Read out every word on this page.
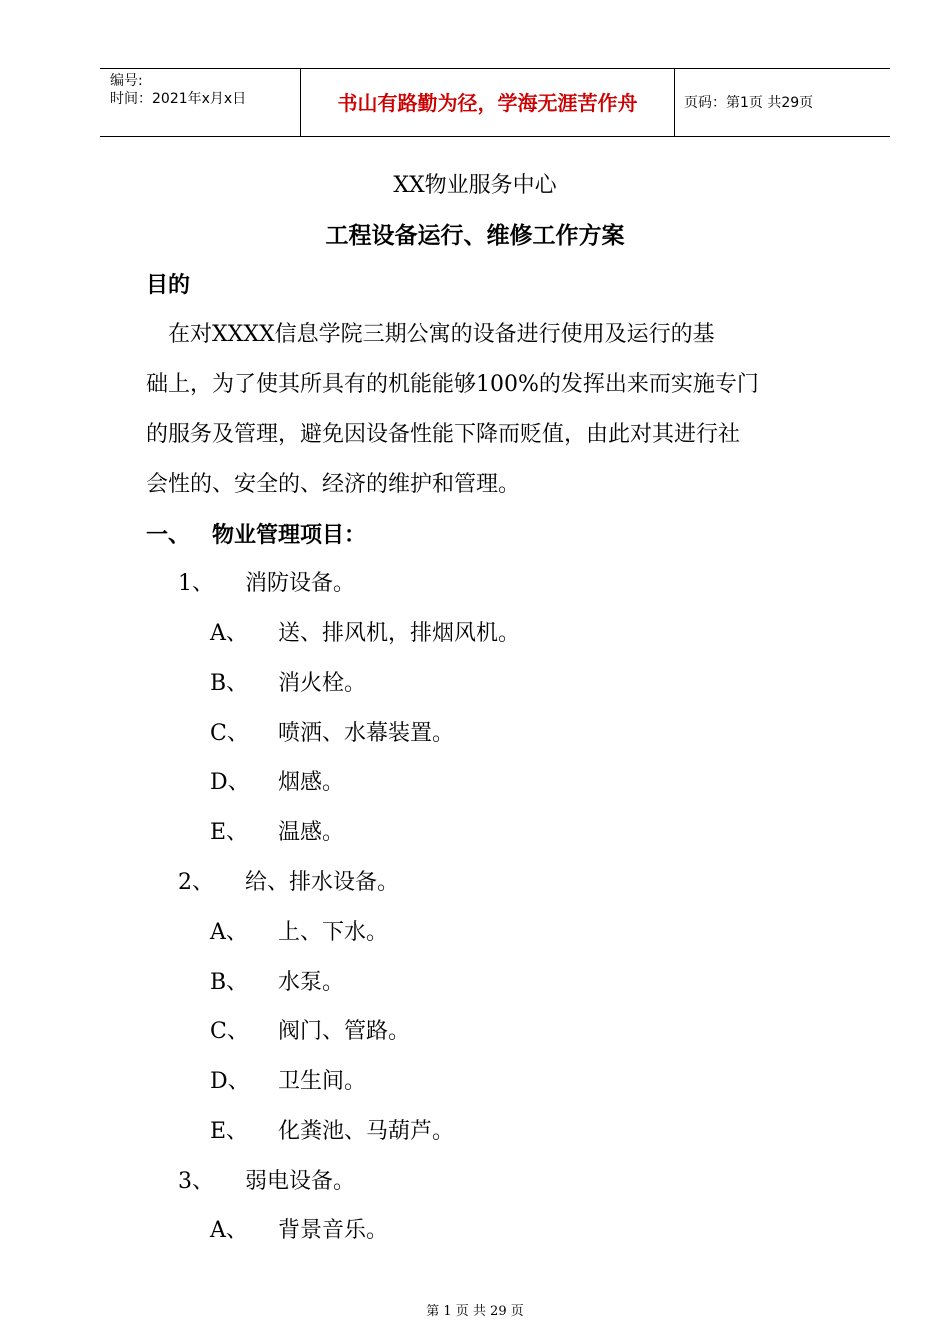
编号:
时间：2021年x月x日	书山有路勤为径，学海无涯苦作舟	页码：第1页 共29页
XX物业服务中心
工程设备运行、维修工作方案
目的
　在对XXXX信息学院三期公寓的设备进行使用及运行的基
础上，为了使其所具有的机能能够100%的发挥出来而实施专门
的服务及管理，避免因设备性能下降而贬值，由此对其进行社
会性的、安全的、经济的维护和管理。
一、 物业管理项目：
1、 消防设备。
A、 送、排风机，排烟风机。
B、 消火栓。
C、 喷洒、水幕装置。
D、 烟感。
E、 温感。
2、 给、排水设备。
A、 上、下水。
B、 水泵。
C、 阀门、管路。
D、 卫生间。
E、 化粪池、马葫芦。
3、 弱电设备。
A、 背景音乐。
第 1 页 共 29 页
